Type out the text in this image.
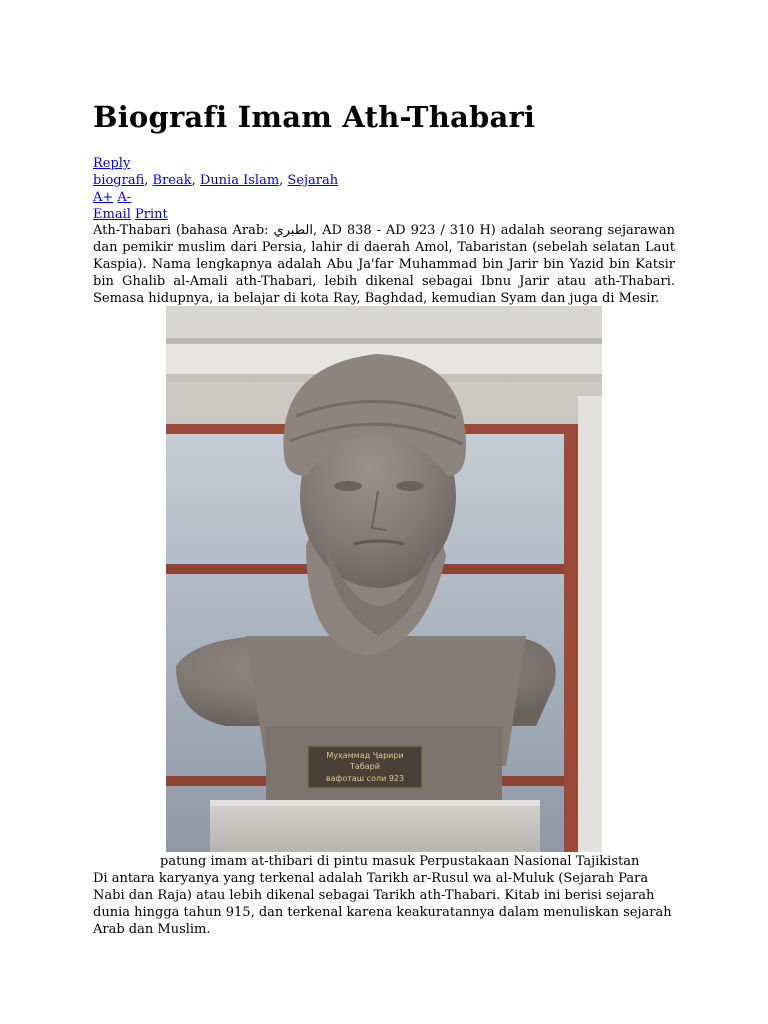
Biografi Imam Ath-Thabari
Reply
biografi, Break, Dunia Islam, Sejarah
A+ A-
Email Print

Ath-Thabari (bahasa Arab: الطبري, AD 838 - AD 923 / 310 H) adalah seorang sejarawan dan pemikir muslim dari Persia, lahir di daerah Amol, Tabaristan (sebelah selatan Laut Kaspia). Nama lengkapnya adalah Abu Ja'far Muhammad bin Jarir bin Yazid bin Katsir bin Ghalib al-Amali ath-Thabari, lebih dikenal sebagai Ibnu Jarir atau ath-Thabari. Semasa hidupnya, ia belajar di kota Ray, Baghdad, kemudian Syam dan juga di Mesir.

Муҳаммад Ҷарири
Табарӣ
вафоташ соли 923
patung imam at-thibari di pintu masuk Perpustakaan Nasional Tajikistan

Di antara karyanya yang terkenal adalah Tarikh ar-Rusul wa al-Muluk (Sejarah Para Nabi dan Raja) atau lebih dikenal sebagai Tarikh ath-Thabari. Kitab ini berisi sejarah dunia hingga tahun 915, dan terkenal karena keakuratannya dalam menuliskan sejarah Arab dan Muslim.
